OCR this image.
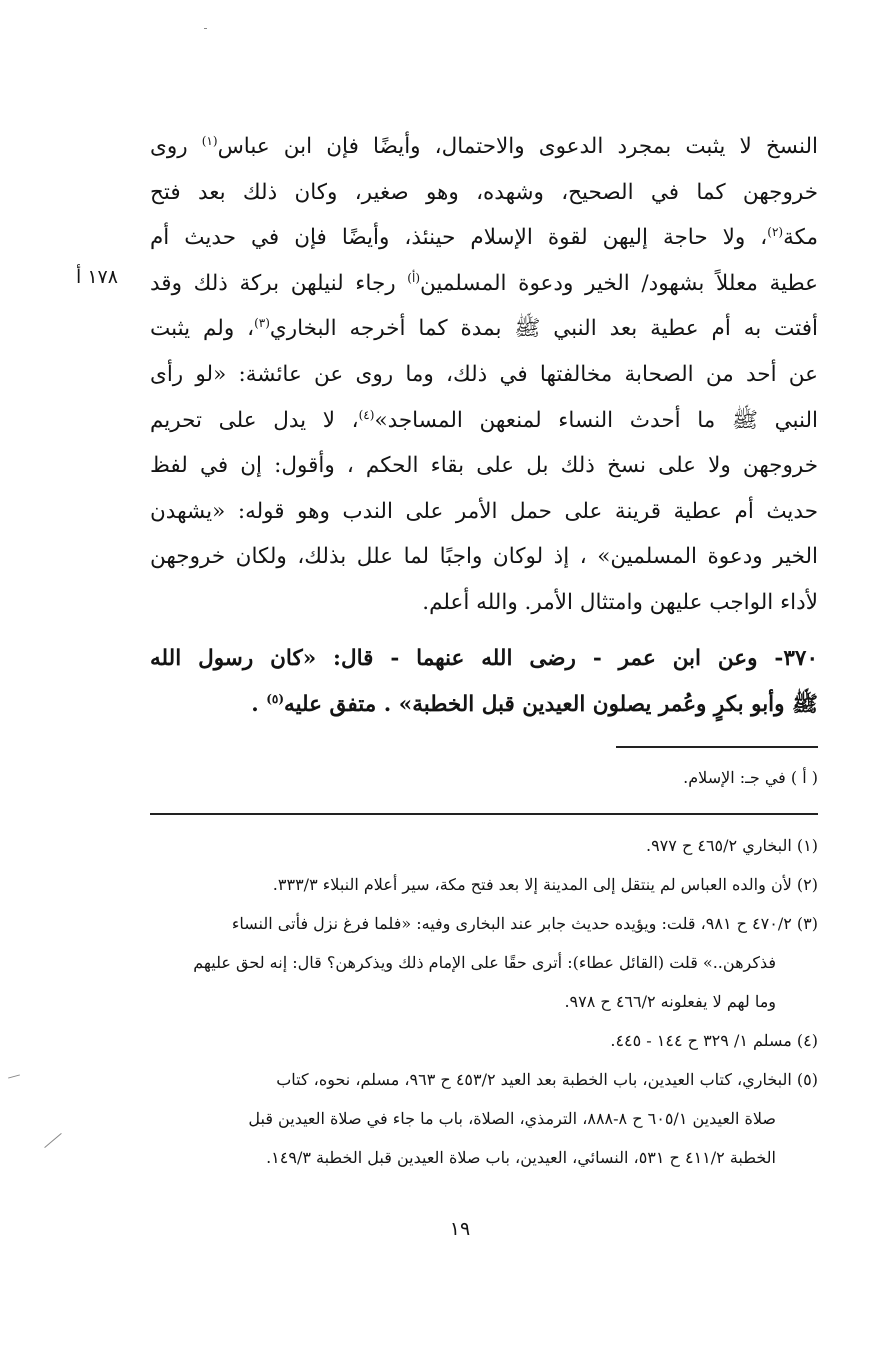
النسخ لا يثبت بمجرد الدعوى والاحتمال، وأيضًا فإن ابن عباس$^{(١)}$ روى
خروجهن كما في الصحيح، وشهده، وهو صغير، وكان ذلك بعد فتح
مكة$^{(٢)}$، ولا حاجة إليهن لقوة الإسلام حينئذ، وأيضًا فإن في حديث أم
عطية معللاً بشهود/ الخير ودعوة المسلمين$^{(أ)}$ رجاء لنيلهن بركة ذلك وقد
أفتت به أم عطية بعد النبي ﷺ بمدة كما أخرجه البخاري$^{(٣)}$، ولم يثبت
عن أحد من الصحابة مخالفتها في ذلك، وما روى عن عائشة: «لو رأى
النبي ﷺ ما أحدث النساء لمنعهن المساجد»$^{(٤)}$، لا يدل على تحريم
خروجهن ولا على نسخ ذلك بل على بقاء الحكم ، وأقول: إن في لفظ
حديث أم عطية قرينة على حمل الأمر على الندب وهو قوله: «يشهدن
الخير ودعوة المسلمين» ، إذ لوكان واجبًا لما علل بذلك، ولكان خروجهن
لأداء الواجب عليهن وامتثال الأمر. والله أعلم.
١٧٨ أ
٣٧٠- وعن ابن عمر - رضى الله عنهما - قال: «كان رسول الله
ﷺ وأبو بكرٍ وعُمر يصلون العيدين قبل الخطبة» . متفق عليه$^{(٥)}$ .
( أ ) في جـ: الإسلام.
(١) البخاري ٤٦٥/٢ ح ٩٧٧.
(٢) لأن والده العباس لم ينتقل إلى المدينة إلا بعد فتح مكة، سير أعلام النبلاء ٣٣٣/٣.
(٣) ٤٧٠/٢ ح ٩٨١، قلت: ويؤيده حديث جابر عند البخارى وفيه: «فلما فرغ نزل فأتى النساء
فذكرهن..» قلت (القائل عطاء): أترى حقًا على الإمام ذلك ويذكرهن؟ قال: إنه لحق عليهم
وما لهم لا يفعلونه ٤٦٦/٢ ح ٩٧٨.
(٤) مسلم ١/ ٣٢٩ ح ١٤٤ - ٤٤٥.
(٥) البخاري، كتاب العيدين، باب الخطبة بعد العيد ٤٥٣/٢ ح ٩٦٣، مسلم، نحوه، كتاب
صلاة العيدين ٦٠٥/١ ح ٨-٨٨٨، الترمذي، الصلاة، باب ما جاء في صلاة العيدين قبل
الخطبة ٤١١/٢ ح ٥٣١، النسائي، العيدين، باب صلاة العيدين قبل الخطبة ١٤٩/٣.
١٩
